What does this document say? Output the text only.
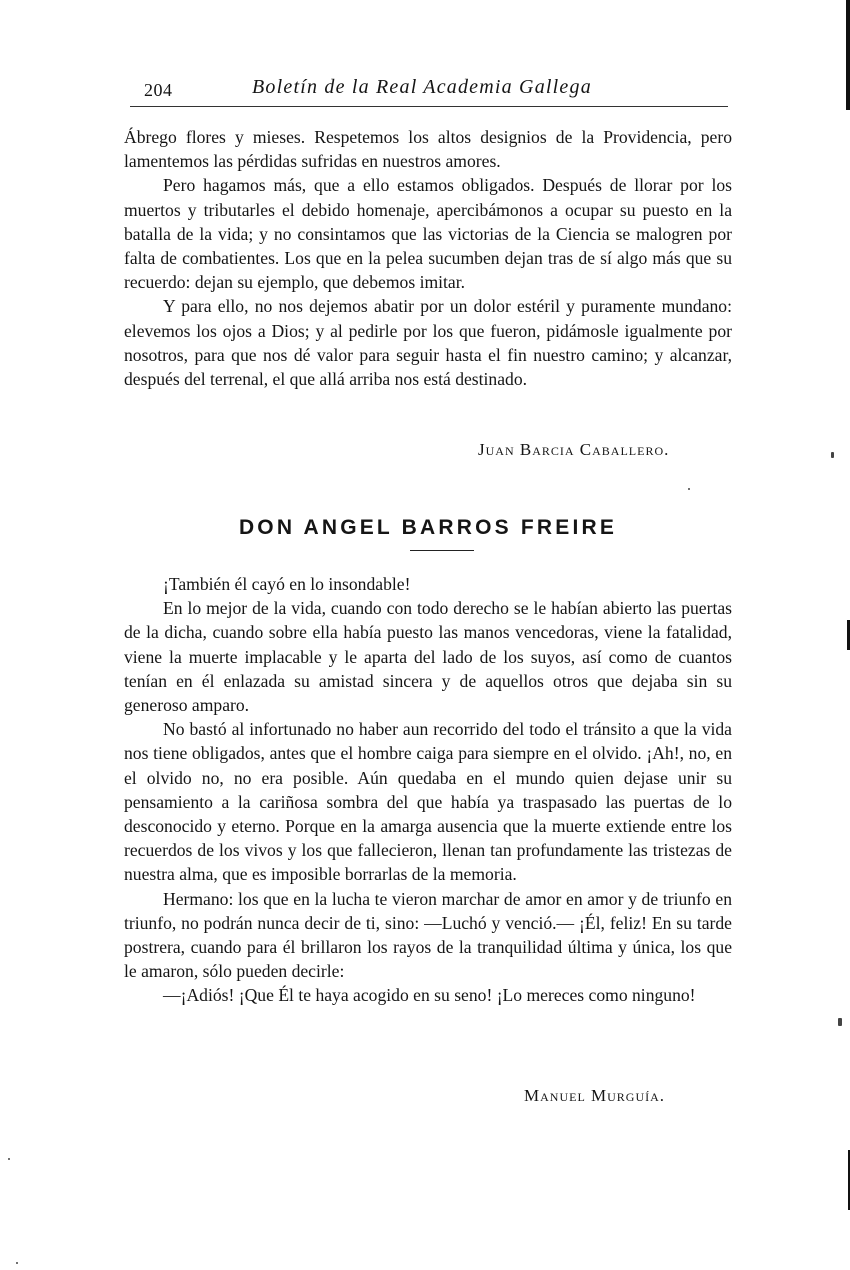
204	Boletín de la Real Academia Gallega

Ábrego flores y mieses. Respetemos los altos designios de la Providencia, pero lamentemos las pérdidas sufridas en nuestros amores.

Pero hagamos más, que a ello estamos obligados. Después de llorar por los muertos y tributarles el debido homenaje, apercibámonos a ocupar su puesto en la batalla de la vida; y no consintamos que las victorias de la Ciencia se malogren por falta de combatientes. Los que en la pelea sucumben dejan tras de sí algo más que su recuerdo: dejan su ejemplo, que debemos imitar.

Y para ello, no nos dejemos abatir por un dolor estéril y puramente mundano: elevemos los ojos a Dios; y al pedirle por los que fueron, pidámosle igualmente por nosotros, para que nos dé valor para seguir hasta el fin nuestro camino; y alcanzar, después del terrenal, el que allá arriba nos está destinado.

Juan Barcia Caballero.
DON ANGEL BARROS FREIRE

¡También él cayó en lo insondable!

En lo mejor de la vida, cuando con todo derecho se le habían abierto las puertas de la dicha, cuando sobre ella había puesto las manos vencedoras, viene la fatalidad, viene la muerte implacable y le aparta del lado de los suyos, así como de cuantos tenían en él enlazada su amistad sincera y de aquellos otros que dejaba sin su generoso amparo.

No bastó al infortunado no haber aun recorrido del todo el tránsito a que la vida nos tiene obligados, antes que el hombre caiga para siempre en el olvido. ¡Ah!, no, en el olvido no, no era posible. Aún quedaba en el mundo quien dejase unir su pensamiento a la cariñosa sombra del que había ya traspasado las puertas de lo desconocido y eterno. Porque en la amarga ausencia que la muerte extiende entre los recuerdos de los vivos y los que fallecieron, llenan tan profundamente las tristezas de nuestra alma, que es imposible borrarlas de la memoria.

Hermano: los que en la lucha te vieron marchar de amor en amor y de triunfo en triunfo, no podrán nunca decir de ti, sino: —Luchó y venció.— ¡Él, feliz! En su tarde postrera, cuando para él brillaron los rayos de la tranquilidad última y única, los que le amaron, sólo pueden decirle:

—¡Adiós! ¡Que Él te haya acogido en su seno! ¡Lo mereces como ninguno!

Manuel Murguía.
